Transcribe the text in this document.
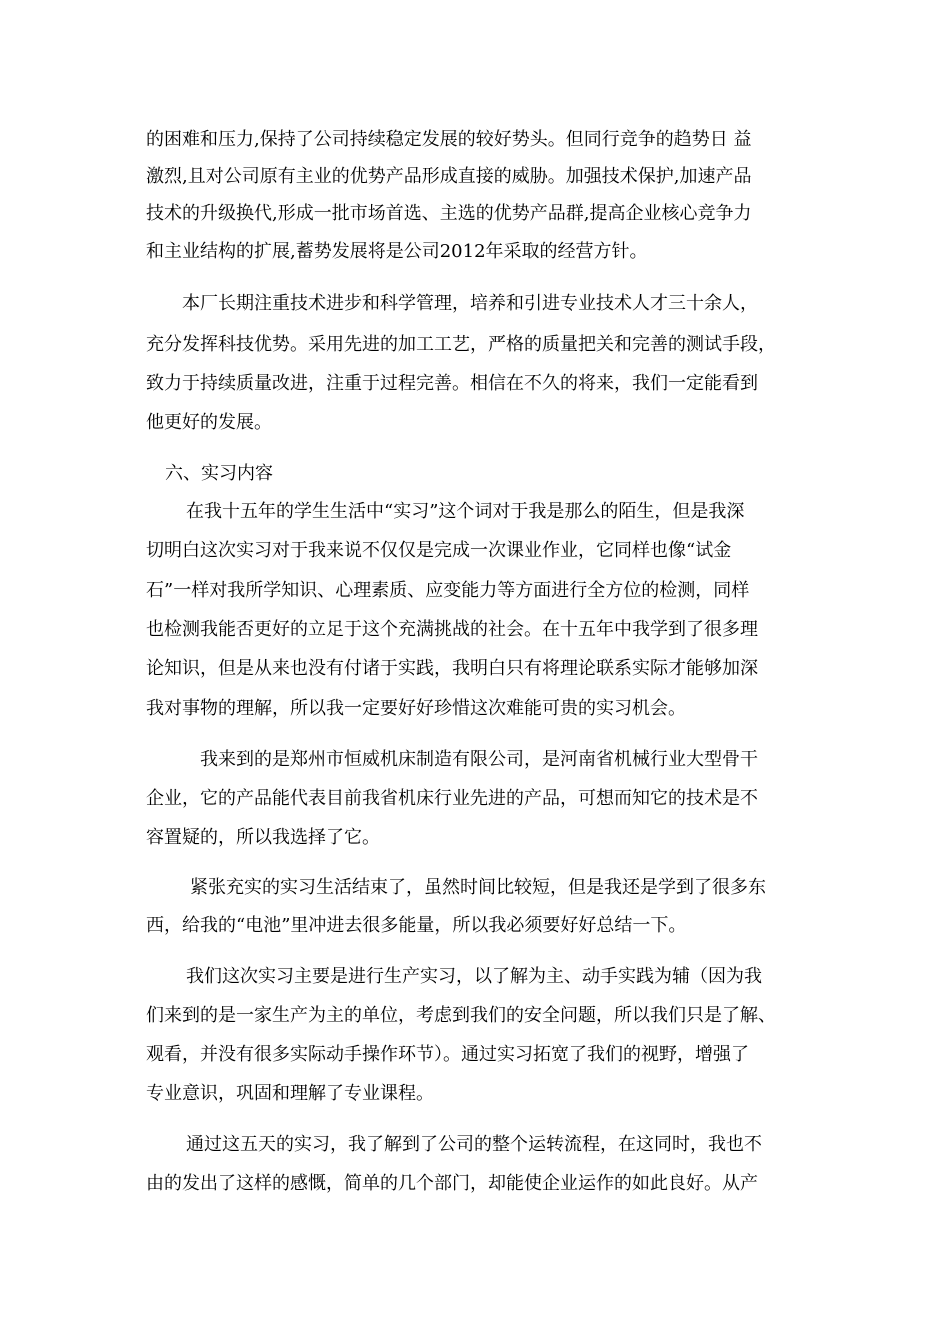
的困难和压力,保持了公司持续稳定发展的较好势头。但同行竞争的趋势日 益
激烈,且对公司原有主业的优势产品形成直接的威胁。加强技术保护,加速产品
技术的升级换代,形成一批市场首选、主选的优势产品群,提高企业核心竞争力
和主业结构的扩展,蓄势发展将是公司2012年采取的经营方针。
本厂长期注重技术进步和科学管理，培养和引进专业技术人才三十余人，
充分发挥科技优势。采用先进的加工工艺，严格的质量把关和完善的测试手段，
致力于持续质量改进，注重于过程完善。相信在不久的将来，我们一定能看到
他更好的发展。
六、实习内容
在我十五年的学生生活中“实习”这个词对于我是那么的陌生，但是我深
切明白这次实习对于我来说不仅仅是完成一次课业作业，它同样也像“试金
石”一样对我所学知识、心理素质、应变能力等方面进行全方位的检测，同样
也检测我能否更好的立足于这个充满挑战的社会。在十五年中我学到了很多理
论知识，但是从来也没有付诸于实践，我明白只有将理论联系实际才能够加深
我对事物的理解，所以我一定要好好珍惜这次难能可贵的实习机会。
我来到的是郑州市恒威机床制造有限公司，是河南省机械行业大型骨干
企业，它的产品能代表目前我省机床行业先进的产品，可想而知它的技术是不
容置疑的，所以我选择了它。
紧张充实的实习生活结束了，虽然时间比较短，但是我还是学到了很多东
西，给我的“电池”里冲进去很多能量，所以我必须要好好总结一下。
我们这次实习主要是进行生产实习，以了解为主、动手实践为辅（因为我
们来到的是一家生产为主的单位，考虑到我们的安全问题，所以我们只是了解、
观看，并没有很多实际动手操作环节）。通过实习拓宽了我们的视野，增强了
专业意识，巩固和理解了专业课程。
通过这五天的实习，我了解到了公司的整个运转流程，在这同时，我也不
由的发出了这样的感慨，简单的几个部门，却能使企业运作的如此良好。从产
